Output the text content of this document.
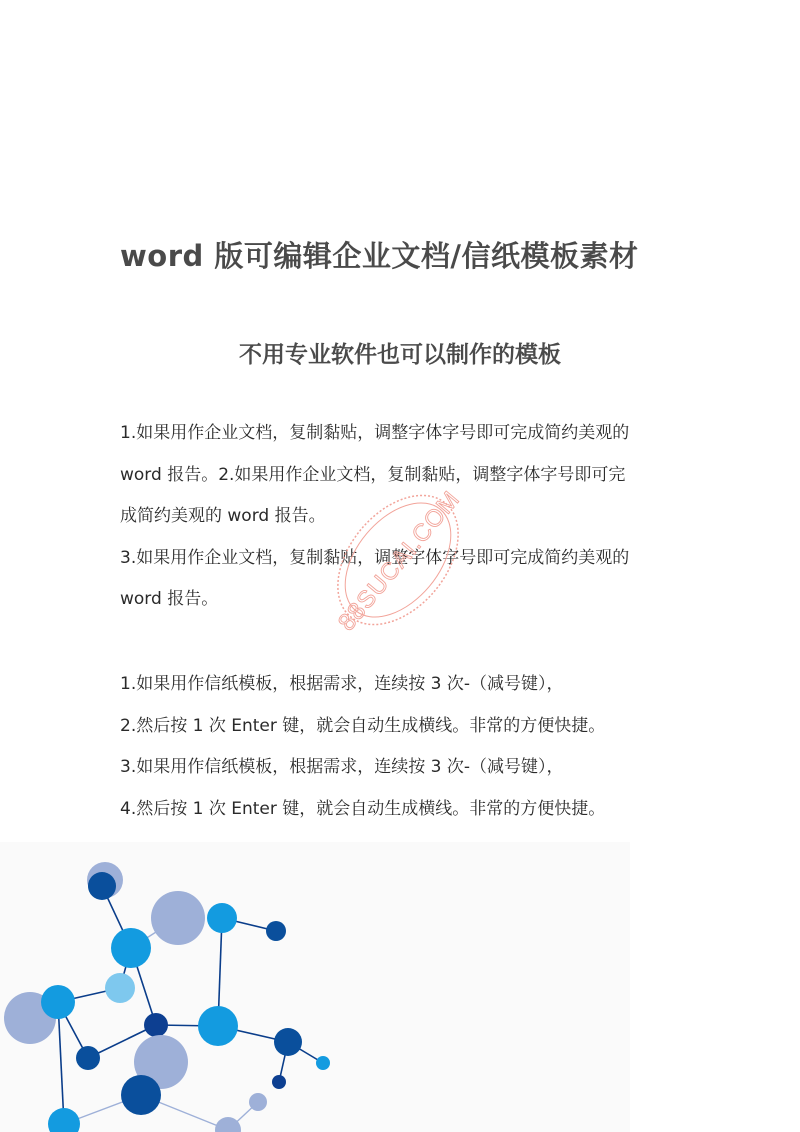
word 版可编辑企业文档/信纸模板素材
不用专业软件也可以制作的模板

1.如果用作企业文档，复制黏贴，调整字体字号即可完成简约美观的
word 报告。2.如果用作企业文档，复制黏贴，调整字体字号即可完
成简约美观的 word 报告。

3.如果用作企业文档，复制黏贴，调整字体字号即可完成简约美观的
word 报告。

1.如果用作信纸模板，根据需求，连续按 3 次-（减号键），
2.然后按 1 次 Enter 键，就会自动生成横线。非常的方便快捷。
3.如果用作信纸模板，根据需求，连续按 3 次-（减号键），
4.然后按 1 次 Enter 键，就会自动生成横线。非常的方便快捷。

88SUCAI.COM
